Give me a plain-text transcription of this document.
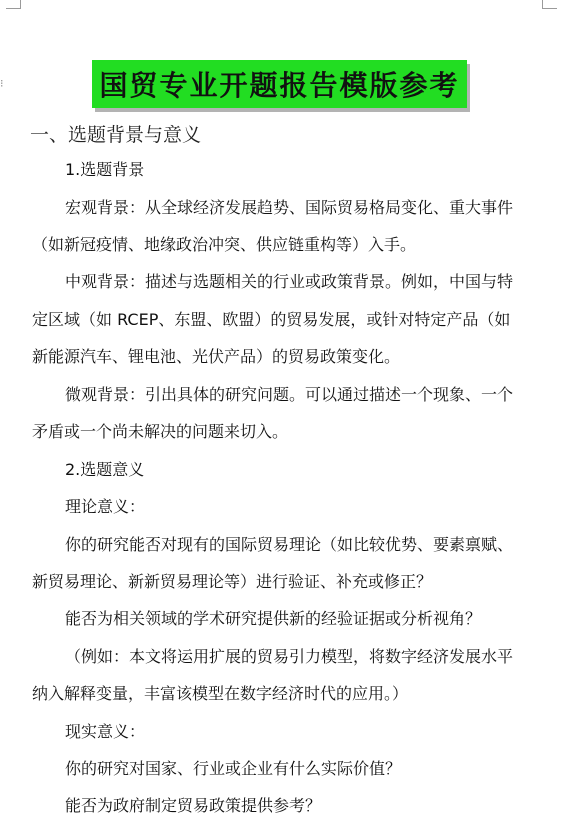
⁝	国贸专业开题报告模版参考
一、选题背景与意义
1.选题背景
宏观背景：从全球经济发展趋势、国际贸易格局变化、重大事件
（如新冠疫情、地缘政治冲突、供应链重构等）入手。
中观背景：描述与选题相关的行业或政策背景。例如，中国与特
定区域（如 RCEP、东盟、欧盟）的贸易发展，或针对特定产品（如
新能源汽车、锂电池、光伏产品）的贸易政策变化。
微观背景：引出具体的研究问题。可以通过描述一个现象、一个
矛盾或一个尚未解决的问题来切入。
2.选题意义
理论意义：
你的研究能否对现有的国际贸易理论（如比较优势、要素禀赋、
新贸易理论、新新贸易理论等）进行验证、补充或修正？
能否为相关领域的学术研究提供新的经验证据或分析视角？
（例如：本文将运用扩展的贸易引力模型，将数字经济发展水平
纳入解释变量，丰富该模型在数字经济时代的应用。）
现实意义：
你的研究对国家、行业或企业有什么实际价值？
能否为政府制定贸易政策提供参考？
